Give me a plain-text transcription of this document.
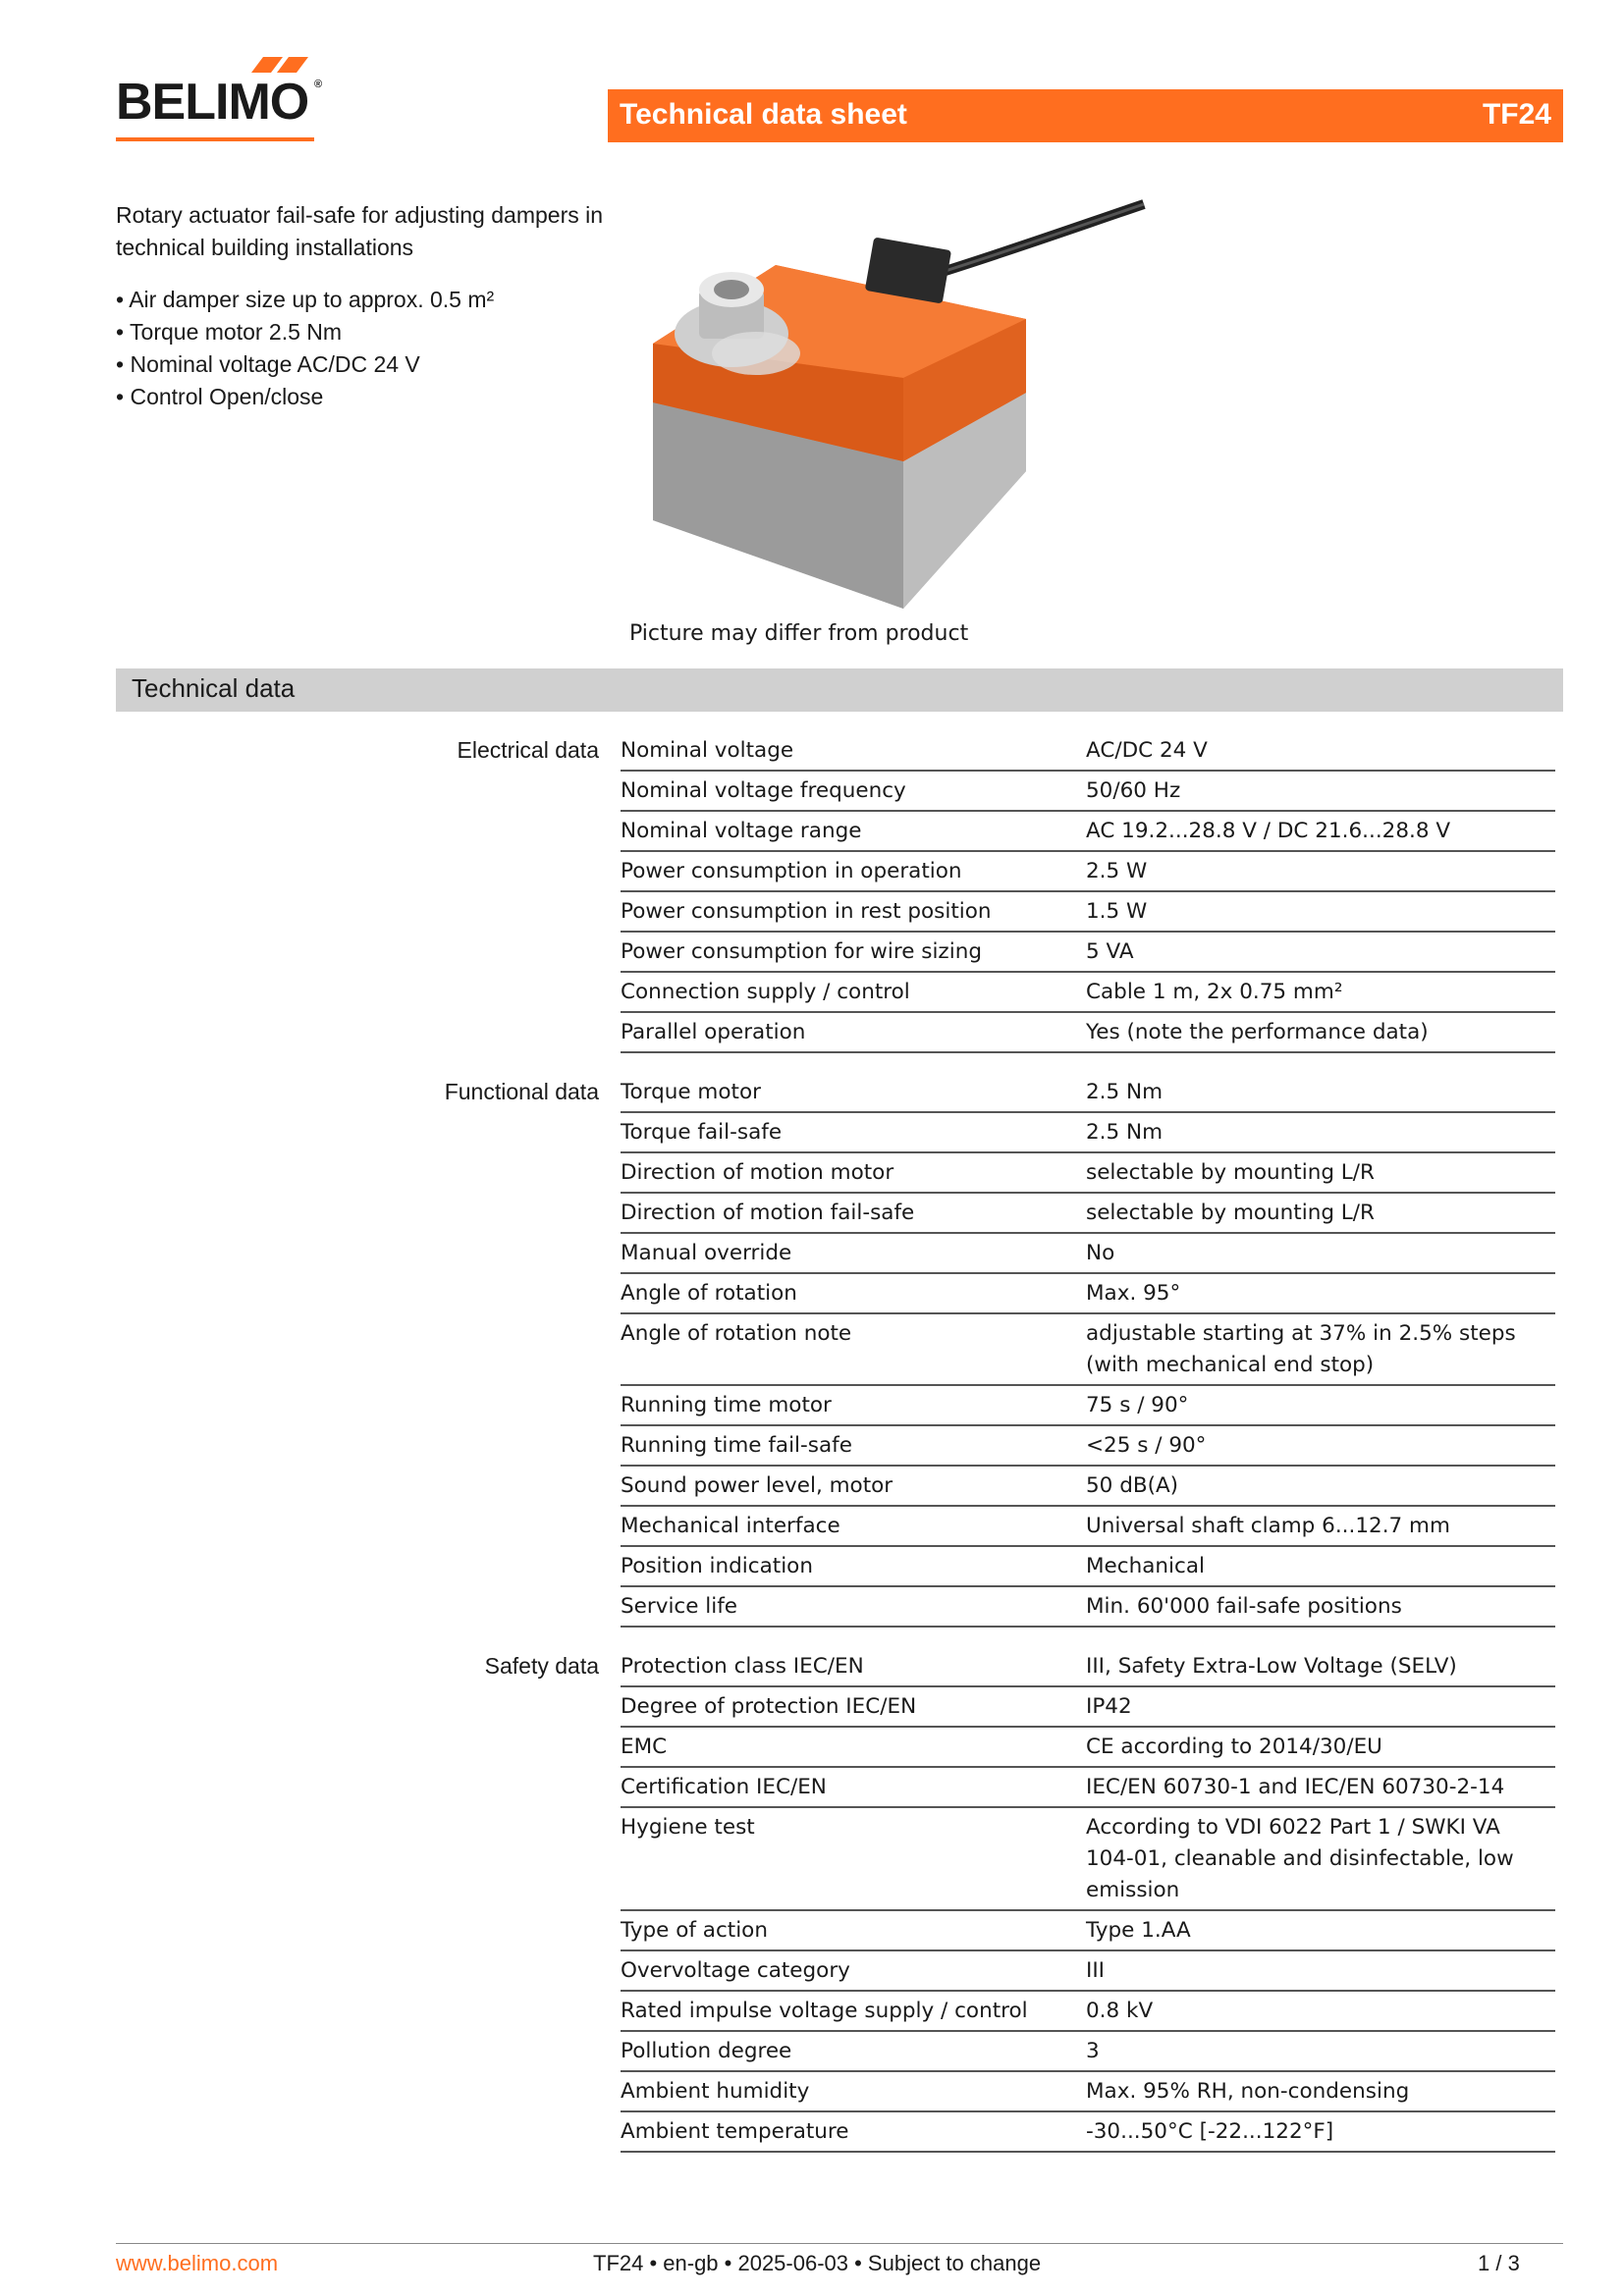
BELIMO ®
Technical data sheet	TF24

Rotary actuator fail-safe for adjusting dampers in technical building installations

• Air damper size up to approx. 0.5 m²
• Torque motor 2.5 Nm
• Nominal voltage AC/DC 24 V
• Control Open/close
Picture may differ from product
Technical data
Electrical data	Nominal voltage	AC/DC 24 V
Nominal voltage frequency	50/60 Hz
Nominal voltage range	AC 19.2...28.8 V / DC 21.6...28.8 V
Power consumption in operation	2.5 W
Power consumption in rest position	1.5 W
Power consumption for wire sizing	5 VA
Connection supply / control	Cable 1 m, 2x 0.75 mm²
Parallel operation	Yes (note the performance data)
Functional data	Torque motor	2.5 Nm
Torque fail-safe	2.5 Nm
Direction of motion motor	selectable by mounting L/R
Direction of motion fail-safe	selectable by mounting L/R
Manual override	No
Angle of rotation	Max. 95°
Angle of rotation note	adjustable starting at 37% in 2.5% steps (with mechanical end stop)
Running time motor	75 s / 90°
Running time fail-safe	<25 s / 90°
Sound power level, motor	50 dB(A)
Mechanical interface	Universal shaft clamp 6...12.7 mm
Position indication	Mechanical
Service life	Min. 60'000 fail-safe positions
Safety data	Protection class IEC/EN	III, Safety Extra-Low Voltage (SELV)
Degree of protection IEC/EN	IP42
EMC	CE according to 2014/30/EU
Certification IEC/EN	IEC/EN 60730-1 and IEC/EN 60730-2-14
Hygiene test	According to VDI 6022 Part 1 / SWKI VA 104-01, cleanable and disinfectable, low emission
Type of action	Type 1.AA
Overvoltage category	III
Rated impulse voltage supply / control	0.8 kV
Pollution degree	3
Ambient humidity	Max. 95% RH, non-condensing
Ambient temperature	-30...50°C [-22...122°F]
www.belimo.com	TF24 • en-gb • 2025-06-03 • Subject to change	1 / 3
